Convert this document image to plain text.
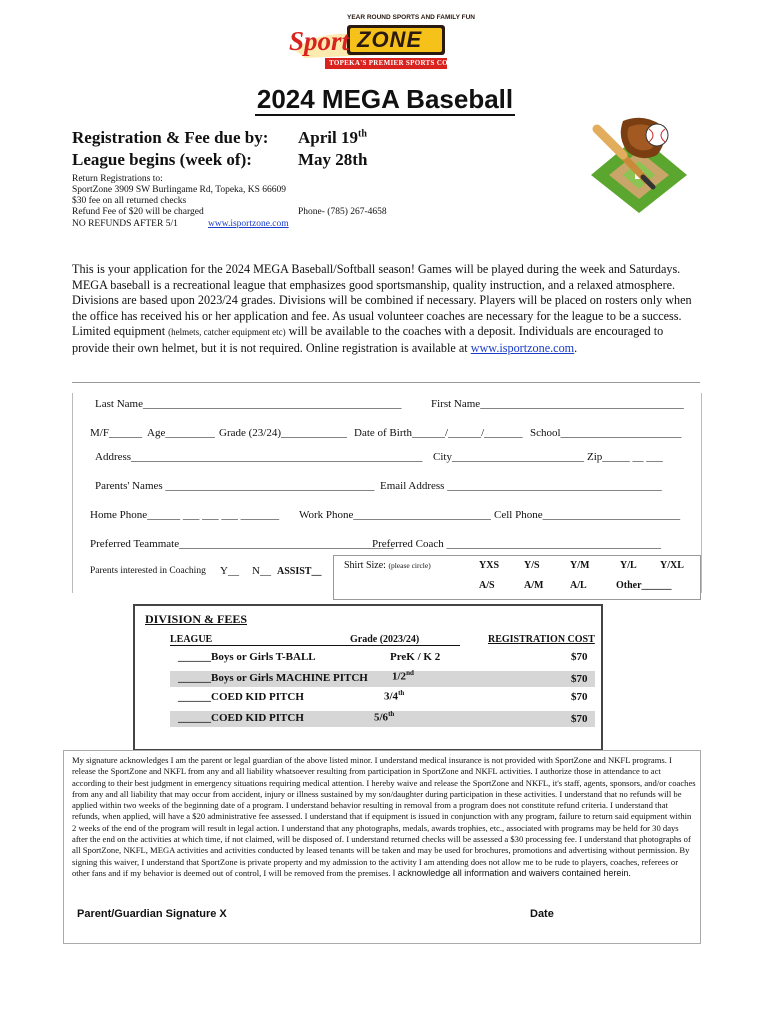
YEAR ROUND SPORTS AND FAMILY FUN
Sport ZONE
TOPEKA'S PREMIER SPORTS COMPLEX
2024 MEGA Baseball
Registration & Fee due by: April 19th
League begins (week of):	May 28th
Return Registrations to:
SportZone 3909 SW Burlingame Rd, Topeka, KS 66609
$30 fee on all returned checks
Refund Fee of $20 will be charged	Phone- (785) 267-4658
NO REFUNDS AFTER 5/1	www.isportzone.com
This is your application for the 2024 MEGA Baseball/Softball season! Games will be played during the week and Saturdays. MEGA baseball is a recreational league that emphasizes good sportsmanship, quality instruction, and a relaxed atmosphere. Divisions are based upon 2023/24 grades. Divisions will be combined if necessary. Players will be placed on rosters only when the office has received his or her application and fee. As usual volunteer coaches are necessary for the league to be a success. Limited equipment (helmets, catcher equipment etc) will be available to the coaches with a deposit. Individuals are encouraged to provide their own helmet, but it is not required. Online registration is available at www.isportzone.com.
Last Name_______________________________________________	First Name_____________________________________
M/F______ Age_________ Grade (23/24)____________ Date of Birth______/______/_______ School______________________
Address_____________________________________________________ City________________________ Zip_____ __ ___
Parents' Names ______________________________________ Email Address _______________________________________
Home Phone______ ___ ___ ___ _______ Work Phone_________________________ Cell Phone_________________________
Preferred Teammate_______________________________________
Preferred Coach _______________________________________
Parents interested in Coaching Y__ N__ ASSIST__
Shirt Size: (please circle)	YXS Y/S	Y/M	Y/L Y/XL
A/S	A/M	A/L	Other______
DIVISION & FEES
LEAGUE	Grade (2023/24)	REGISTRATION COST
______Boys or Girls T-BALL	PreK / K 2	$70
______Boys or Girls MACHINE PITCH 1/2nd	$70
______COED KID PITCH	3/4th	$70
______COED KID PITCH	5/6th	$70
My signature acknowledges I am the parent or legal guardian of the above listed minor. I understand medical insurance is not provided with SportZone and NKFL programs. I release the SportZone and NKFL from any and all liability whatsoever resulting from participation in SportZone and NKFL activities. I authorize those in attendance to act according to their best judgment in emergency situations requiring medical attention. I hereby waive and release the SportZone and NKFL, it's staff, agents, sponsors, and/or coaches from any and all liability that may occur from accident, injury or illness sustained by my son/daughter during participation in these activities. I understand that no refunds will be applied within two weeks of the beginning date of a program. I understand behavior resulting in removal from a program does not constitute refund criteria. I understand that refunds, when applied, will have a $20 administrative fee assessed. I understand that if equipment is issued in conjunction with any program, failure to return said equipment within 2 weeks of the end of the program will result in legal action. I understand that any photographs, medals, awards trophies, etc., associated with programs may be held for 30 days after the end on the activities at which time, if not claimed, will be disposed of. I understand returned checks will be assessed a $30 processing fee. I understand that photographs of all SportZone, NKFL, MEGA activities and activities conducted by leased tenants will be taken and may be used for brochures, promotions and advertising without permission. By signing this waiver, I understand that SportZone is private property and my admission to the activity I am attending does not allow me to be rude to players, coaches, referees or other fans and if my behavior is deemed out of control, I will be removed from the premises. I acknowledge all information and waivers contained herein.
Parent/Guardian Signature X	Date
